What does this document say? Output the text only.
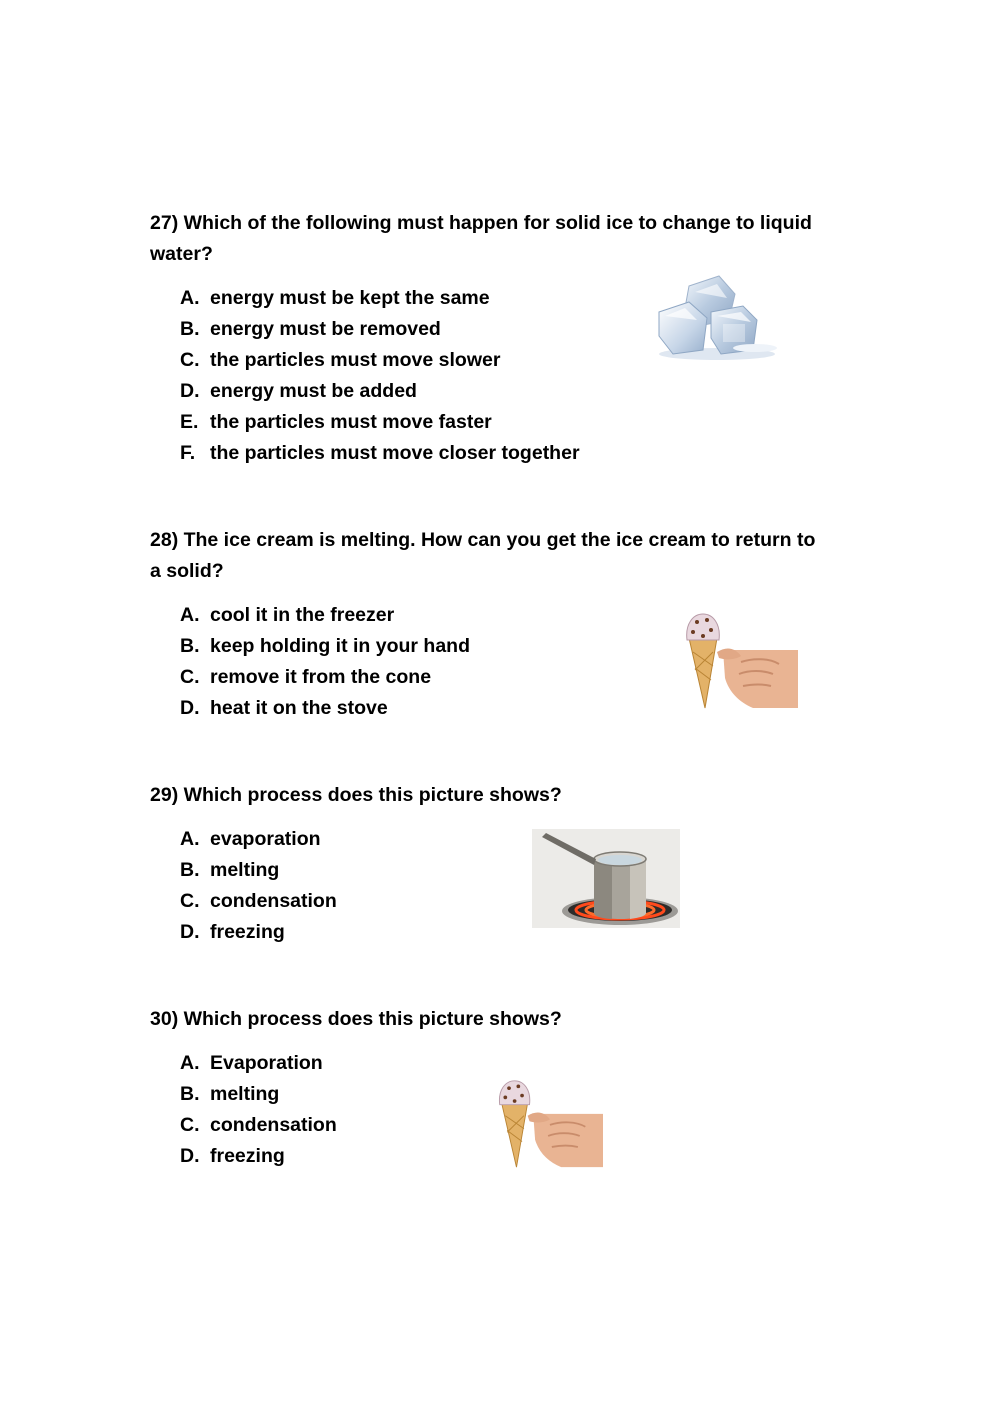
27) Which of the following must happen for solid ice to change to liquid water?

A. energy must be kept the same
B. energy must be removed
C. the particles must move slower
D. energy must be added
E. the particles must move faster
F. the particles must move closer together

28) The ice cream is melting. How can you get the ice cream to return to a solid?

A. cool it in the freezer
B. keep holding it in your hand
C. remove it from the cone
D. heat it on the stove

29) Which process does this picture shows?

A. evaporation
B. melting
C. condensation
D. freezing

30) Which process does this picture shows?

A. Evaporation
B. melting
C. condensation
D. freezing
